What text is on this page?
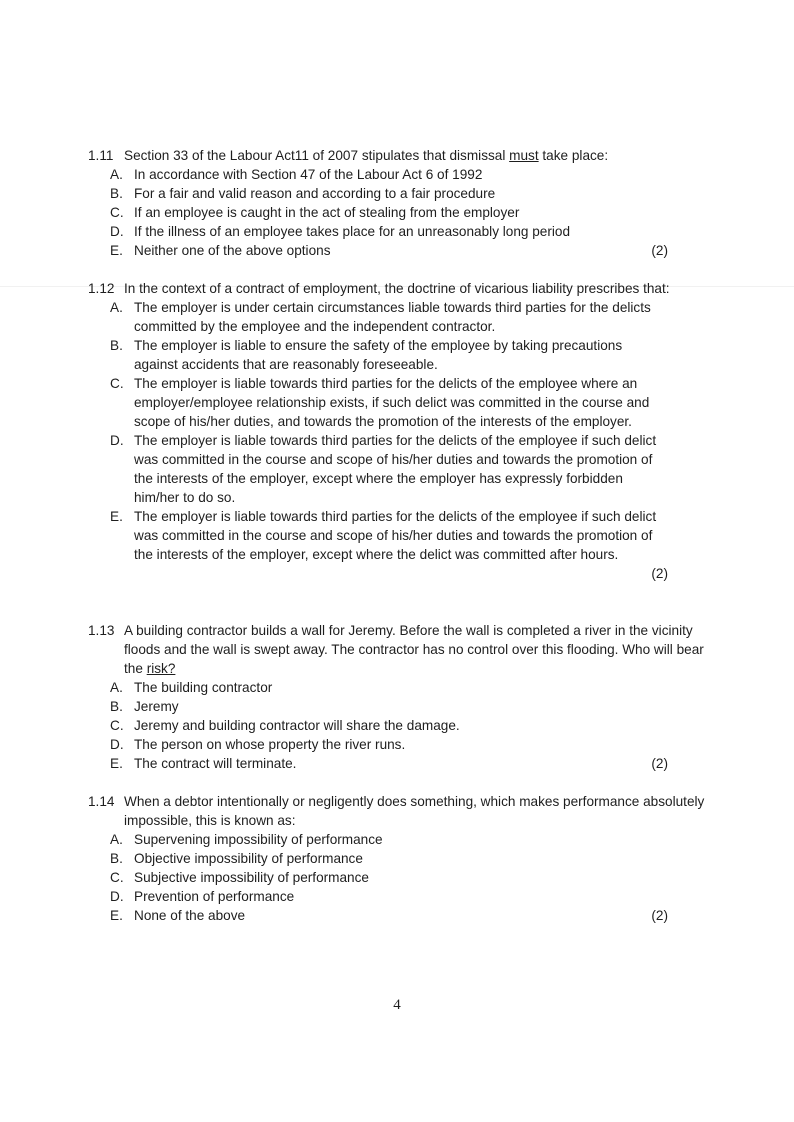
1.11 Section 33 of the Labour Act11 of 2007 stipulates that dismissal must take place:
A. In accordance with Section 47 of the Labour Act 6 of 1992
B. For a fair and valid reason and according to a fair procedure
C. If an employee is caught in the act of stealing from the employer
D. If the illness of an employee takes place for an unreasonably long period
E. Neither one of the above options	(2)
1.12 In the context of a contract of employment, the doctrine of vicarious liability prescribes that:
A. The employer is under certain circumstances liable towards third parties for the delicts committed by the employee and the independent contractor.
B. The employer is liable to ensure the safety of the employee by taking precautions against accidents that are reasonably foreseeable.
C. The employer is liable towards third parties for the delicts of the employee where an employer/employee relationship exists, if such delict was committed in the course and scope of his/her duties, and towards the promotion of the interests of the employer.
D. The employer is liable towards third parties for the delicts of the employee if such delict was committed in the course and scope of his/her duties and towards the promotion of the interests of the employer, except where the employer has expressly forbidden him/her to do so.
E. The employer is liable towards third parties for the delicts of the employee if such delict was committed in the course and scope of his/her duties and towards the promotion of the interests of the employer, except where the delict was committed after hours.
(2)
1.13 A building contractor builds a wall for Jeremy. Before the wall is completed a river in the vicinity floods and the wall is swept away. The contractor has no control over this flooding. Who will bear the risk?
A. The building contractor
B. Jeremy
C. Jeremy and building contractor will share the damage.
D. The person on whose property the river runs.
E. The contract will terminate.	(2)
1.14 When a debtor intentionally or negligently does something, which makes performance absolutely impossible, this is known as:
A. Supervening impossibility of performance
B. Objective impossibility of performance
C. Subjective impossibility of performance
D. Prevention of performance
E. None of the above	(2)
4
